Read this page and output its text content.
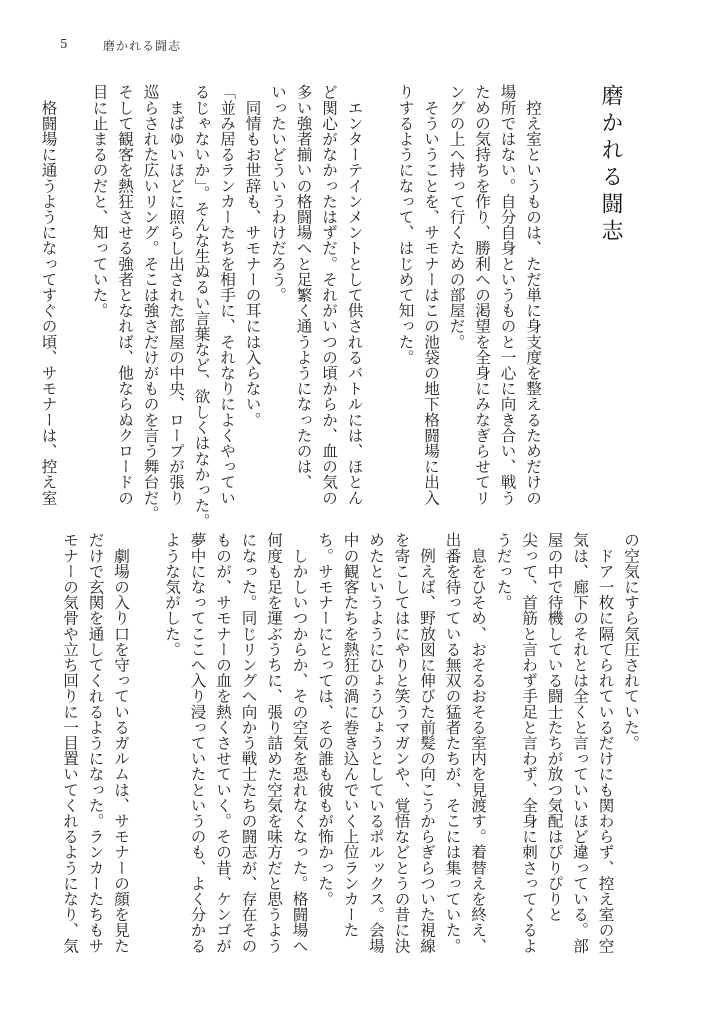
5	磨かれる闘志
磨かれる闘志
　控え室というものは、ただ単に身支度を整えるためだけの
場所ではない。自分自身というものと一心に向き合い、戦う
ための気持ちを作り、勝利への渇望を全身にみなぎらせてリ
ングの上へ持って行くための部屋だ。
　そういうことを、サモナーはこの池袋の地下格闘場に出入
りするようになって、はじめて知った。
　エンターテインメントとして供されるバトルには、ほとん
ど関心がなかったはずだ。それがいつの頃からか、血の気の
多い強者揃いの格闘場へと足繁く通うようになったのは、
いったいどういうわけだろう。
　同情もお世辞も、サモナーの耳には入らない。
「並み居るランカーたちを相手に、それなりによくやってい
るじゃないか」。そんな生ぬるい言葉など、欲しくはなかった。
　まばゆいほどに照らし出された部屋の中央、ロープが張り
巡らされた広いリング。そこは強さだけがものを言う舞台だ。
そして観客を熱狂させる強者となれば、他ならぬクロードの
目に止まるのだと、知っていた。
　格闘場に通うようになってすぐの頃、サモナーは、控え室
の空気にすら気圧されていた。
　ドア一枚に隔てられているだけにも関わらず、控え室の空
気は、廊下のそれとは全くと言っていいほど違っている。部
屋の中で待機している闘士たちが放つ気配はぴりぴりと
尖って、首筋と言わず手足と言わず、全身に刺さってくるよ
うだった。
　息をひそめ、おそるおそる室内を見渡す。着替えを終え、
出番を待っている無双の猛者たちが、そこには集っていた。
　例えば、野放図に伸びた前髪の向こうからぎらついた視線
を寄こしてはにやりと笑うマガンや、覚悟などとうの昔に決
めたというようにひょうひょうとしているポルックス。会場
中の観客たちを熱狂の渦に巻き込んでいく上位ランカーた
ち。サモナーにとっては、その誰も彼もが怖かった。
　しかしいつからか、その空気を恐れなくなった。格闘場へ
何度も足を運ぶうちに、張り詰めた空気を味方だと思うよう
になった。同じリングへ向かう戦士たちの闘志が、存在その
ものが、サモナーの血を熱くさせていく。その昔、ケンゴが
夢中になってここへ入り浸っていたというのも、よく分かる
ような気がした。
　劇場の入り口を守っているガルムは、サモナーの顔を見た
だけで玄関を通してくれるようになった。ランカーたちもサ
モナーの気骨や立ち回りに一目置いてくれるようになり、気
